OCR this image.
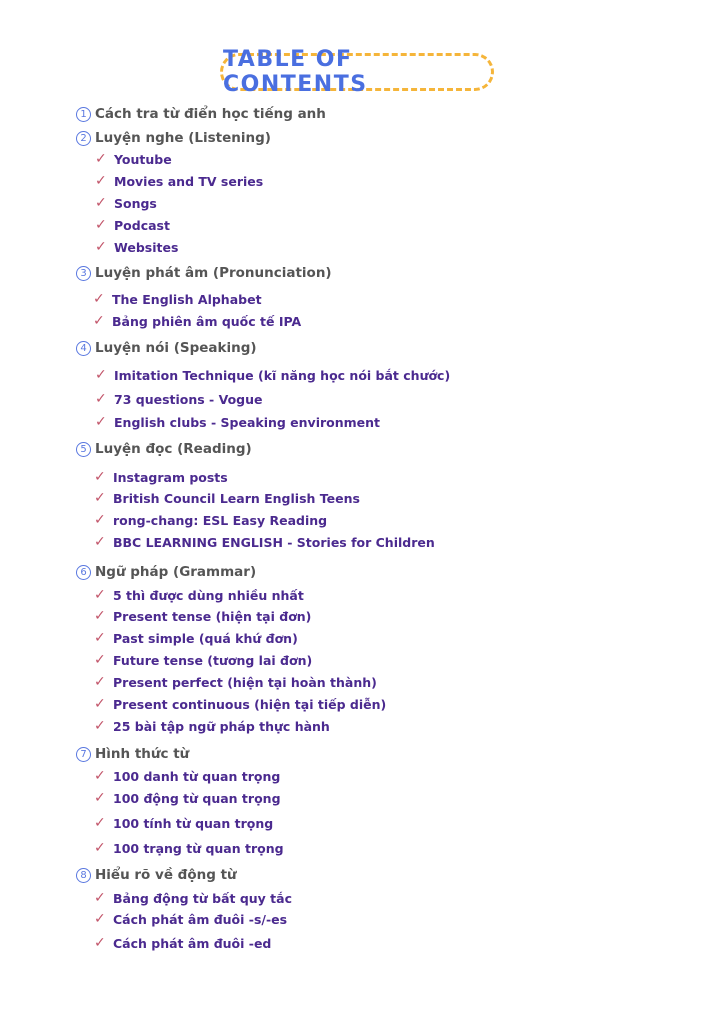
TABLE OF CONTENTS
1 Cách tra từ điển học tiếng anh
2 Luyện nghe (Listening)
✓ Youtube
✓ Movies and TV series
✓ Songs
✓ Podcast
✓ Websites
3 Luyện phát âm (Pronunciation)
✓ The English Alphabet
✓ Bảng phiên âm quốc tế IPA
4 Luyện nói (Speaking)
✓ Imitation Technique (kĩ năng học nói bắt chước)
✓ 73 questions - Vogue
✓ English clubs - Speaking environment
5 Luyện đọc (Reading)
✓ Instagram posts
✓ British Council Learn English Teens
✓ rong-chang: ESL Easy Reading
✓ BBC LEARNING ENGLISH - Stories for Children
6 Ngữ pháp (Grammar)
✓ 5 thì được dùng nhiều nhất
✓ Present tense (hiện tại đơn)
✓ Past simple (quá khứ đơn)
✓ Future tense (tương lai đơn)
✓ Present perfect (hiện tại hoàn thành)
✓ Present continuous (hiện tại tiếp diễn)
✓ 25 bài tập ngữ pháp thực hành
7 Hình thức từ
✓ 100 danh từ quan trọng
✓ 100 động từ quan trọng
✓ 100 tính từ quan trọng
✓ 100 trạng từ quan trọng
8 Hiểu rõ về động từ
✓ Bảng động từ bất quy tắc
✓ Cách phát âm đuôi -s/-es
✓ Cách phát âm đuôi -ed
